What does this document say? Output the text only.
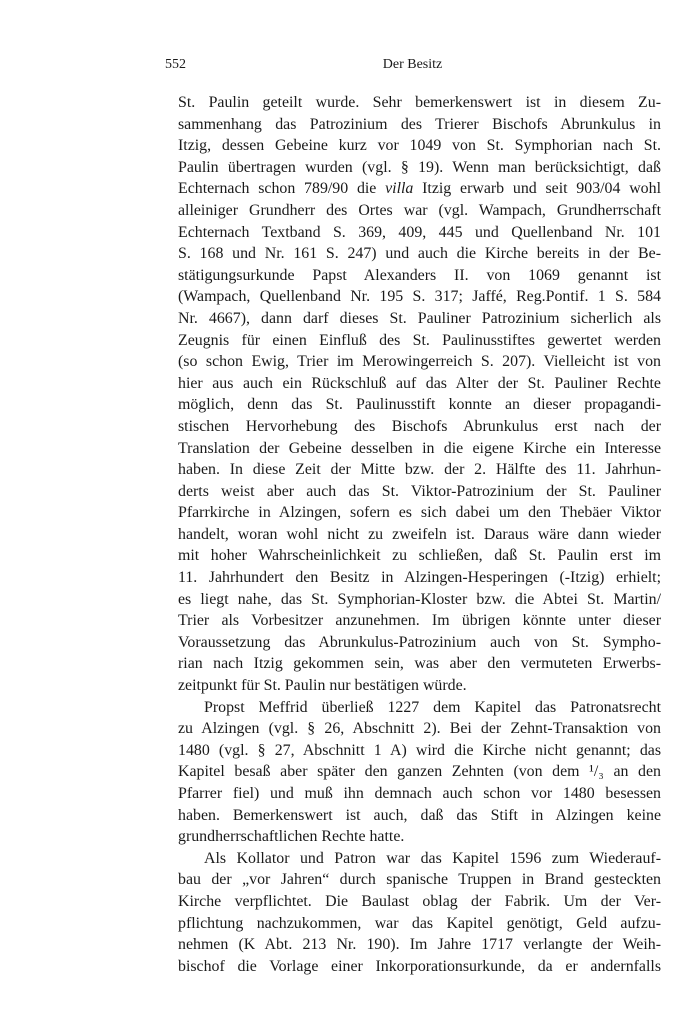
552	Der Besitz
St. Paulin geteilt wurde. Sehr bemerkenswert ist in diesem Zu-
sammenhang das Patrozinium des Trierer Bischofs Abrunkulus in
Itzig, dessen Gebeine kurz vor 1049 von St. Symphorian nach St.
Paulin übertragen wurden (vgl. § 19). Wenn man berücksichtigt, daß
Echternach schon 789/90 die villa Itzig erwarb und seit 903/04 wohl
alleiniger Grundherr des Ortes war (vgl. Wampach, Grundherrschaft
Echternach Textband S. 369, 409, 445 und Quellenband Nr. 101
S. 168 und Nr. 161 S. 247) und auch die Kirche bereits in der Be-
stätigungsurkunde Papst Alexanders II. von 1069 genannt ist
(Wampach, Quellenband Nr. 195 S. 317; Jaffé, Reg.Pontif. 1 S. 584
Nr. 4667), dann darf dieses St. Pauliner Patrozinium sicherlich als
Zeugnis für einen Einfluß des St. Paulinusstiftes gewertet werden
(so schon Ewig, Trier im Merowingerreich S. 207). Vielleicht ist von
hier aus auch ein Rückschluß auf das Alter der St. Pauliner Rechte
möglich, denn das St. Paulinusstift konnte an dieser propagandi-
stischen Hervorhebung des Bischofs Abrunkulus erst nach der
Translation der Gebeine desselben in die eigene Kirche ein Interesse
haben. In diese Zeit der Mitte bzw. der 2. Hälfte des 11. Jahrhun-
derts weist aber auch das St. Viktor-Patrozinium der St. Pauliner
Pfarrkirche in Alzingen, sofern es sich dabei um den Thebäer Viktor
handelt, woran wohl nicht zu zweifeln ist. Daraus wäre dann wieder
mit hoher Wahrscheinlichkeit zu schließen, daß St. Paulin erst im
11. Jahrhundert den Besitz in Alzingen-Hesperingen (-Itzig) erhielt;
es liegt nahe, das St. Symphorian-Kloster bzw. die Abtei St. Martin/
Trier als Vorbesitzer anzunehmen. Im übrigen könnte unter dieser
Voraussetzung das Abrunkulus-Patrozinium auch von St. Sympho-
rian nach Itzig gekommen sein, was aber den vermuteten Erwerbs-
zeitpunkt für St. Paulin nur bestätigen würde.
Propst Meffrid überließ 1227 dem Kapitel das Patronatsrecht
zu Alzingen (vgl. § 26, Abschnitt 2). Bei der Zehnt-Transaktion von
1480 (vgl. § 27, Abschnitt 1 A) wird die Kirche nicht genannt; das
Kapitel besaß aber später den ganzen Zehnten (von dem ¹/₃ an den
Pfarrer fiel) und muß ihn demnach auch schon vor 1480 besessen
haben. Bemerkenswert ist auch, daß das Stift in Alzingen keine
grundherrschaftlichen Rechte hatte.
Als Kollator und Patron war das Kapitel 1596 zum Wiederauf-
bau der „vor Jahren“ durch spanische Truppen in Brand gesteckten
Kirche verpflichtet. Die Baulast oblag der Fabrik. Um der Ver-
pflichtung nachzukommen, war das Kapitel genötigt, Geld aufzu-
nehmen (K Abt. 213 Nr. 190). Im Jahre 1717 verlangte der Weih-
bischof die Vorlage einer Inkorporationsurkunde, da er andernfalls
